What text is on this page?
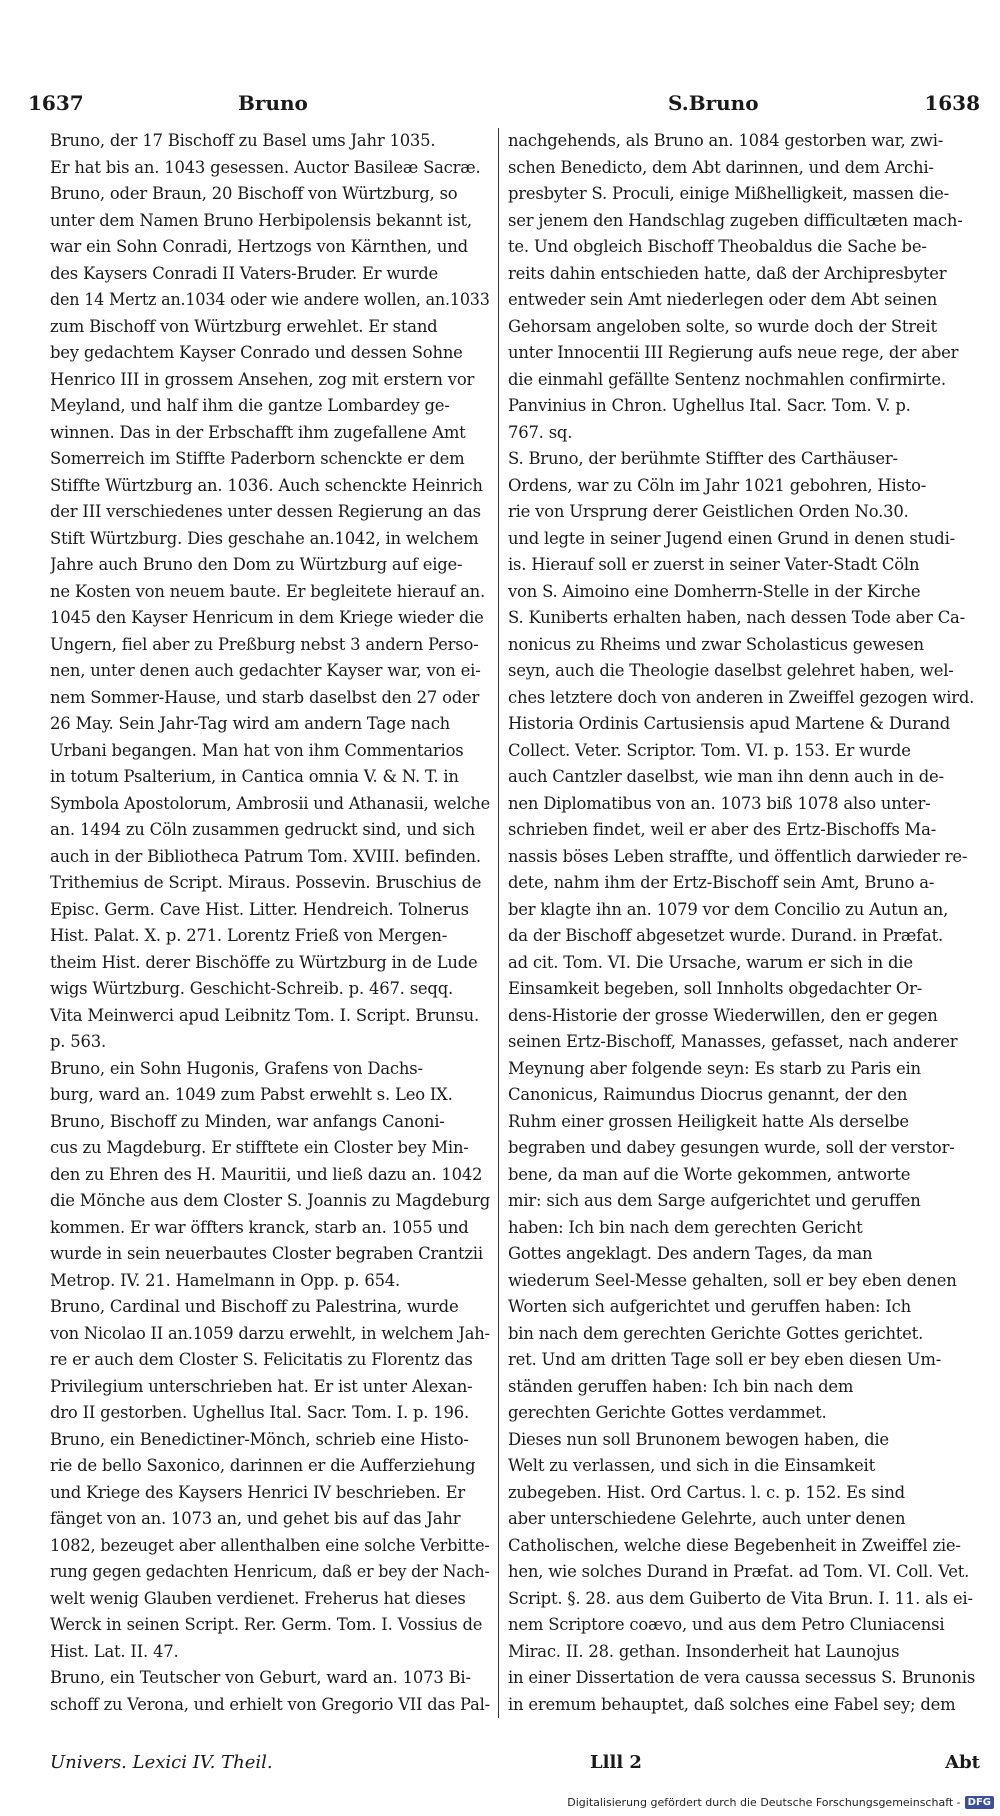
1637	Bruno	S.Bruno	1638
Bruno, der 17 Bischoff zu Basel ums Jahr 1035.
Er hat bis an. 1043 gesessen. Auctor Basileæ Sacræ.
Bruno, oder Braun, 20 Bischoff von Würtzburg, so
unter dem Namen Bruno Herbipolensis bekannt ist,
war ein Sohn Conradi, Hertzogs von Kärnthen, und
des Kaysers Conradi II Vaters-Bruder. Er wurde
den 14 Mertz an.1034 oder wie andere wollen, an.1033
zum Bischoff von Würtzburg erwehlet. Er stand
bey gedachtem Kayser Conrado und dessen Sohne
Henrico III in grossem Ansehen, zog mit erstern vor
Meyland, und half ihm die gantze Lombardey ge-
winnen. Das in der Erbschafft ihm zugefallene Amt
Somerreich im Stiffte Paderborn schenckte er dem
Stiffte Würtzburg an. 1036. Auch schenckte Heinrich
der III verschiedenes unter dessen Regierung an das
Stift Würtzburg. Dies geschahe an.1042, in welchem
Jahre auch Bruno den Dom zu Würtzburg auf eige-
ne Kosten von neuem baute. Er begleitete hierauf an.
1045 den Kayser Henricum in dem Kriege wieder die
Ungern, fiel aber zu Preßburg nebst 3 andern Perso-
nen, unter denen auch gedachter Kayser war, von ei-
nem Sommer-Hause, und starb daselbst den 27 oder
26 May. Sein Jahr-Tag wird am andern Tage nach
Urbani begangen. Man hat von ihm Commentarios
in totum Psalterium, in Cantica omnia V. & N. T. in
Symbola Apostolorum, Ambrosii und Athanasii, welche
an. 1494 zu Cöln zusammen gedruckt sind, und sich
auch in der Bibliotheca Patrum Tom. XVIII. befinden.
Trithemius de Script. Miraus. Possevin. Bruschius de
Episc. Germ. Cave Hist. Litter. Hendreich. Tolnerus
Hist. Palat. X. p. 271. Lorentz Frieß von Mergen-
theim Hist. derer Bischöffe zu Würtzburg in de Lude
wigs Würtzburg. Geschicht-Schreib. p. 467. seqq.
Vita Meinwerci apud Leibnitz Tom. I. Script. Brunsu.
p. 563.
Bruno, ein Sohn Hugonis, Grafens von Dachs-
burg, ward an. 1049 zum Pabst erwehlt s. Leo IX.
Bruno, Bischoff zu Minden, war anfangs Canoni-
cus zu Magdeburg. Er stifftete ein Closter bey Min-
den zu Ehren des H. Mauritii, und ließ dazu an. 1042
die Mönche aus dem Closter S. Joannis zu Magdeburg
kommen. Er war öffters kranck, starb an. 1055 und
wurde in sein neuerbautes Closter begraben Crantzii
Metrop. IV. 21. Hamelmann in Opp. p. 654.
Bruno, Cardinal und Bischoff zu Palestrina, wurde
von Nicolao II an.1059 darzu erwehlt, in welchem Jah-
re er auch dem Closter S. Felicitatis zu Florentz das
Privilegium unterschrieben hat. Er ist unter Alexan-
dro II gestorben. Ughellus Ital. Sacr. Tom. I. p. 196.
Bruno, ein Benedictiner-Mönch, schrieb eine Histo-
rie de bello Saxonico, darinnen er die Aufferziehung
und Kriege des Kaysers Henrici IV beschrieben. Er
fänget von an. 1073 an, und gehet bis auf das Jahr
1082, bezeuget aber allenthalben eine solche Verbitte-
rung gegen gedachten Henricum, daß er bey der Nach-
welt wenig Glauben verdienet. Freherus hat dieses
Werck in seinen Script. Rer. Germ. Tom. I. Vossius de
Hist. Lat. II. 47.
Bruno, ein Teutscher von Geburt, ward an. 1073 Bi-
schoff zu Verona, und erhielt von Gregorio VII das Pal-
nachgehends, als Bruno an. 1084 gestorben war, zwi-
schen Benedicto, dem Abt darinnen, und dem Archi-
presbyter S. Proculi, einige Mißhelligkeit, massen die-
ser jenem den Handschlag zugeben difficultæten mach-
te. Und obgleich Bischoff Theobaldus die Sache be-
reits dahin entschieden hatte, daß der Archipresbyter
entweder sein Amt niederlegen oder dem Abt seinen
Gehorsam angeloben solte, so wurde doch der Streit
unter Innocentii III Regierung aufs neue rege, der aber
die einmahl gefällte Sentenz nochmahlen confirmirte.
Panvinius in Chron. Ughellus Ital. Sacr. Tom. V. p.
767. sq.
S. Bruno, der berühmte Stiffter des Carthäuser-
Ordens, war zu Cöln im Jahr 1021 gebohren, Histo-
rie von Ursprung derer Geistlichen Orden No.30.
und legte in seiner Jugend einen Grund in denen studi-
is. Hierauf soll er zuerst in seiner Vater-Stadt Cöln
von S. Aimoino eine Domherrn-Stelle in der Kirche
S. Kuniberts erhalten haben, nach dessen Tode aber Ca-
nonicus zu Rheims und zwar Scholasticus gewesen
seyn, auch die Theologie daselbst gelehret haben, wel-
ches letztere doch von anderen in Zweiffel gezogen wird.
Historia Ordinis Cartusiensis apud Martene & Durand
Collect. Veter. Scriptor. Tom. VI. p. 153. Er wurde
auch Cantzler daselbst, wie man ihn denn auch in de-
nen Diplomatibus von an. 1073 biß 1078 also unter-
schrieben findet, weil er aber des Ertz-Bischoffs Ma-
nassis böses Leben straffte, und öffentlich darwieder re-
dete, nahm ihm der Ertz-Bischoff sein Amt, Bruno a-
ber klagte ihn an. 1079 vor dem Concilio zu Autun an,
da der Bischoff abgesetzet wurde. Durand. in Præfat.
ad cit. Tom. VI. Die Ursache, warum er sich in die
Einsamkeit begeben, soll Innholts obgedachter Or-
dens-Historie der grosse Wiederwillen, den er gegen
seinen Ertz-Bischoff, Manasses, gefasset, nach anderer
Meynung aber folgende seyn: Es starb zu Paris ein
Canonicus, Raimundus Diocrus genannt, der den
Ruhm einer grossen Heiligkeit hatte Als derselbe
begraben und dabey gesungen wurde, soll der verstor-
bene, da man auf die Worte gekommen, antworte
mir: sich aus dem Sarge aufgerichtet und geruffen
haben: Ich bin nach dem gerechten Gericht
Gottes angeklagt. Des andern Tages, da man
wiederum Seel-Messe gehalten, soll er bey eben denen
Worten sich aufgerichtet und geruffen haben: Ich
bin nach dem gerechten Gerichte Gottes gerichtet.
ret. Und am dritten Tage soll er bey eben diesen Um-
ständen geruffen haben: Ich bin nach dem
gerechten Gerichte Gottes verdammet.
Dieses nun soll Brunonem bewogen haben, die
Welt zu verlassen, und sich in die Einsamkeit
zubegeben. Hist. Ord Cartus. l. c. p. 152. Es sind
aber unterschiedene Gelehrte, auch unter denen
Catholischen, welche diese Begebenheit in Zweiffel zie-
hen, wie solches Durand in Præfat. ad Tom. VI. Coll. Vet.
Script. §. 28. aus dem Guiberto de Vita Brun. I. 11. als ei-
nem Scriptore coævo, und aus dem Petro Cluniacensi
Mirac. II. 28. gethan. Insonderheit hat Launojus
in einer Dissertation de vera caussa secessus S. Brunonis
in eremum behauptet, daß solches eine Fabel sey; dem
Univers. Lexici IV. Theil.	Llll 2	Abt
Digitalisierung gefördert durch die Deutsche Forschungsgemeinschaft - DFG
